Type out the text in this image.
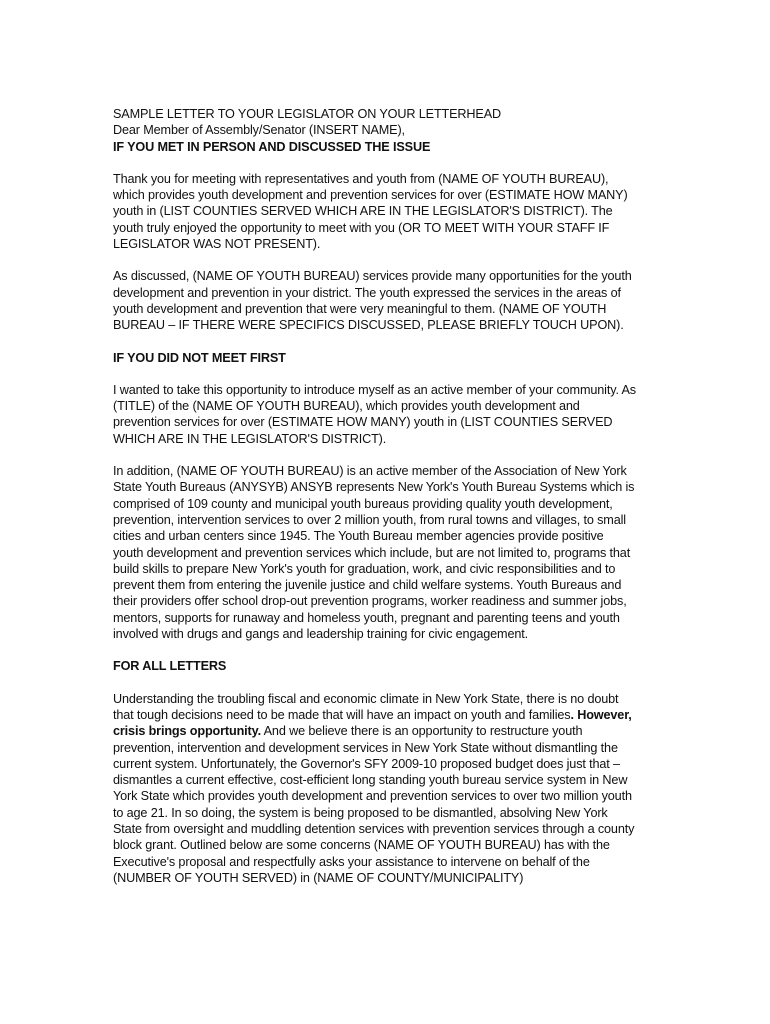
SAMPLE LETTER TO YOUR LEGISLATOR ON YOUR LETTERHEAD

Dear Member of Assembly/Senator (INSERT NAME),

IF YOU MET IN PERSON AND DISCUSSED THE ISSUE

Thank you for meeting with representatives and youth from (NAME OF YOUTH BUREAU), which provides youth development and prevention services for over (ESTIMATE HOW MANY) youth in (LIST COUNTIES SERVED WHICH ARE IN THE LEGISLATOR'S DISTRICT). The youth truly enjoyed the opportunity to meet with you (OR TO MEET WITH YOUR STAFF IF LEGISLATOR WAS NOT PRESENT).

As discussed, (NAME OF YOUTH BUREAU) services provide many opportunities for the youth development and prevention in your district. The youth expressed the services in the areas of youth development and prevention that were very meaningful to them. (NAME OF YOUTH BUREAU – IF THERE WERE SPECIFICS DISCUSSED, PLEASE BRIEFLY TOUCH UPON).

IF YOU DID NOT MEET FIRST

I wanted to take this opportunity to introduce myself as an active member of your community. As (TITLE) of the (NAME OF YOUTH BUREAU), which provides youth development and prevention services for over (ESTIMATE HOW MANY) youth in (LIST COUNTIES SERVED WHICH ARE IN THE LEGISLATOR'S DISTRICT).

In addition, (NAME OF YOUTH BUREAU) is an active member of the Association of New York State Youth Bureaus (ANYSYB) ANSYB represents New York's Youth Bureau Systems which is comprised of 109 county and municipal youth bureaus providing quality youth development, prevention, intervention services to over 2 million youth, from rural towns and villages, to small cities and urban centers since 1945. The Youth Bureau member agencies provide positive youth development and prevention services which include, but are not limited to, programs that build skills to prepare New York's youth for graduation, work, and civic responsibilities and to prevent them from entering the juvenile justice and child welfare systems. Youth Bureaus and their providers offer school drop-out prevention programs, worker readiness and summer jobs, mentors, supports for runaway and homeless youth, pregnant and parenting teens and youth involved with drugs and gangs and leadership training for civic engagement.

FOR ALL LETTERS

Understanding the troubling fiscal and economic climate in New York State, there is no doubt that tough decisions need to be made that will have an impact on youth and families. However, crisis brings opportunity. And we believe there is an opportunity to restructure youth prevention, intervention and development services in New York State without dismantling the current system. Unfortunately, the Governor's SFY 2009-10 proposed budget does just that – dismantles a current effective, cost-efficient long standing youth bureau service system in New York State which provides youth development and prevention services to over two million youth to age 21. In so doing, the system is being proposed to be dismantled, absolving New York State from oversight and muddling detention services with prevention services through a county block grant. Outlined below are some concerns (NAME OF YOUTH BUREAU) has with the Executive's proposal and respectfully asks your assistance to intervene on behalf of the (NUMBER OF YOUTH SERVED) in (NAME OF COUNTY/MUNICIPALITY)
